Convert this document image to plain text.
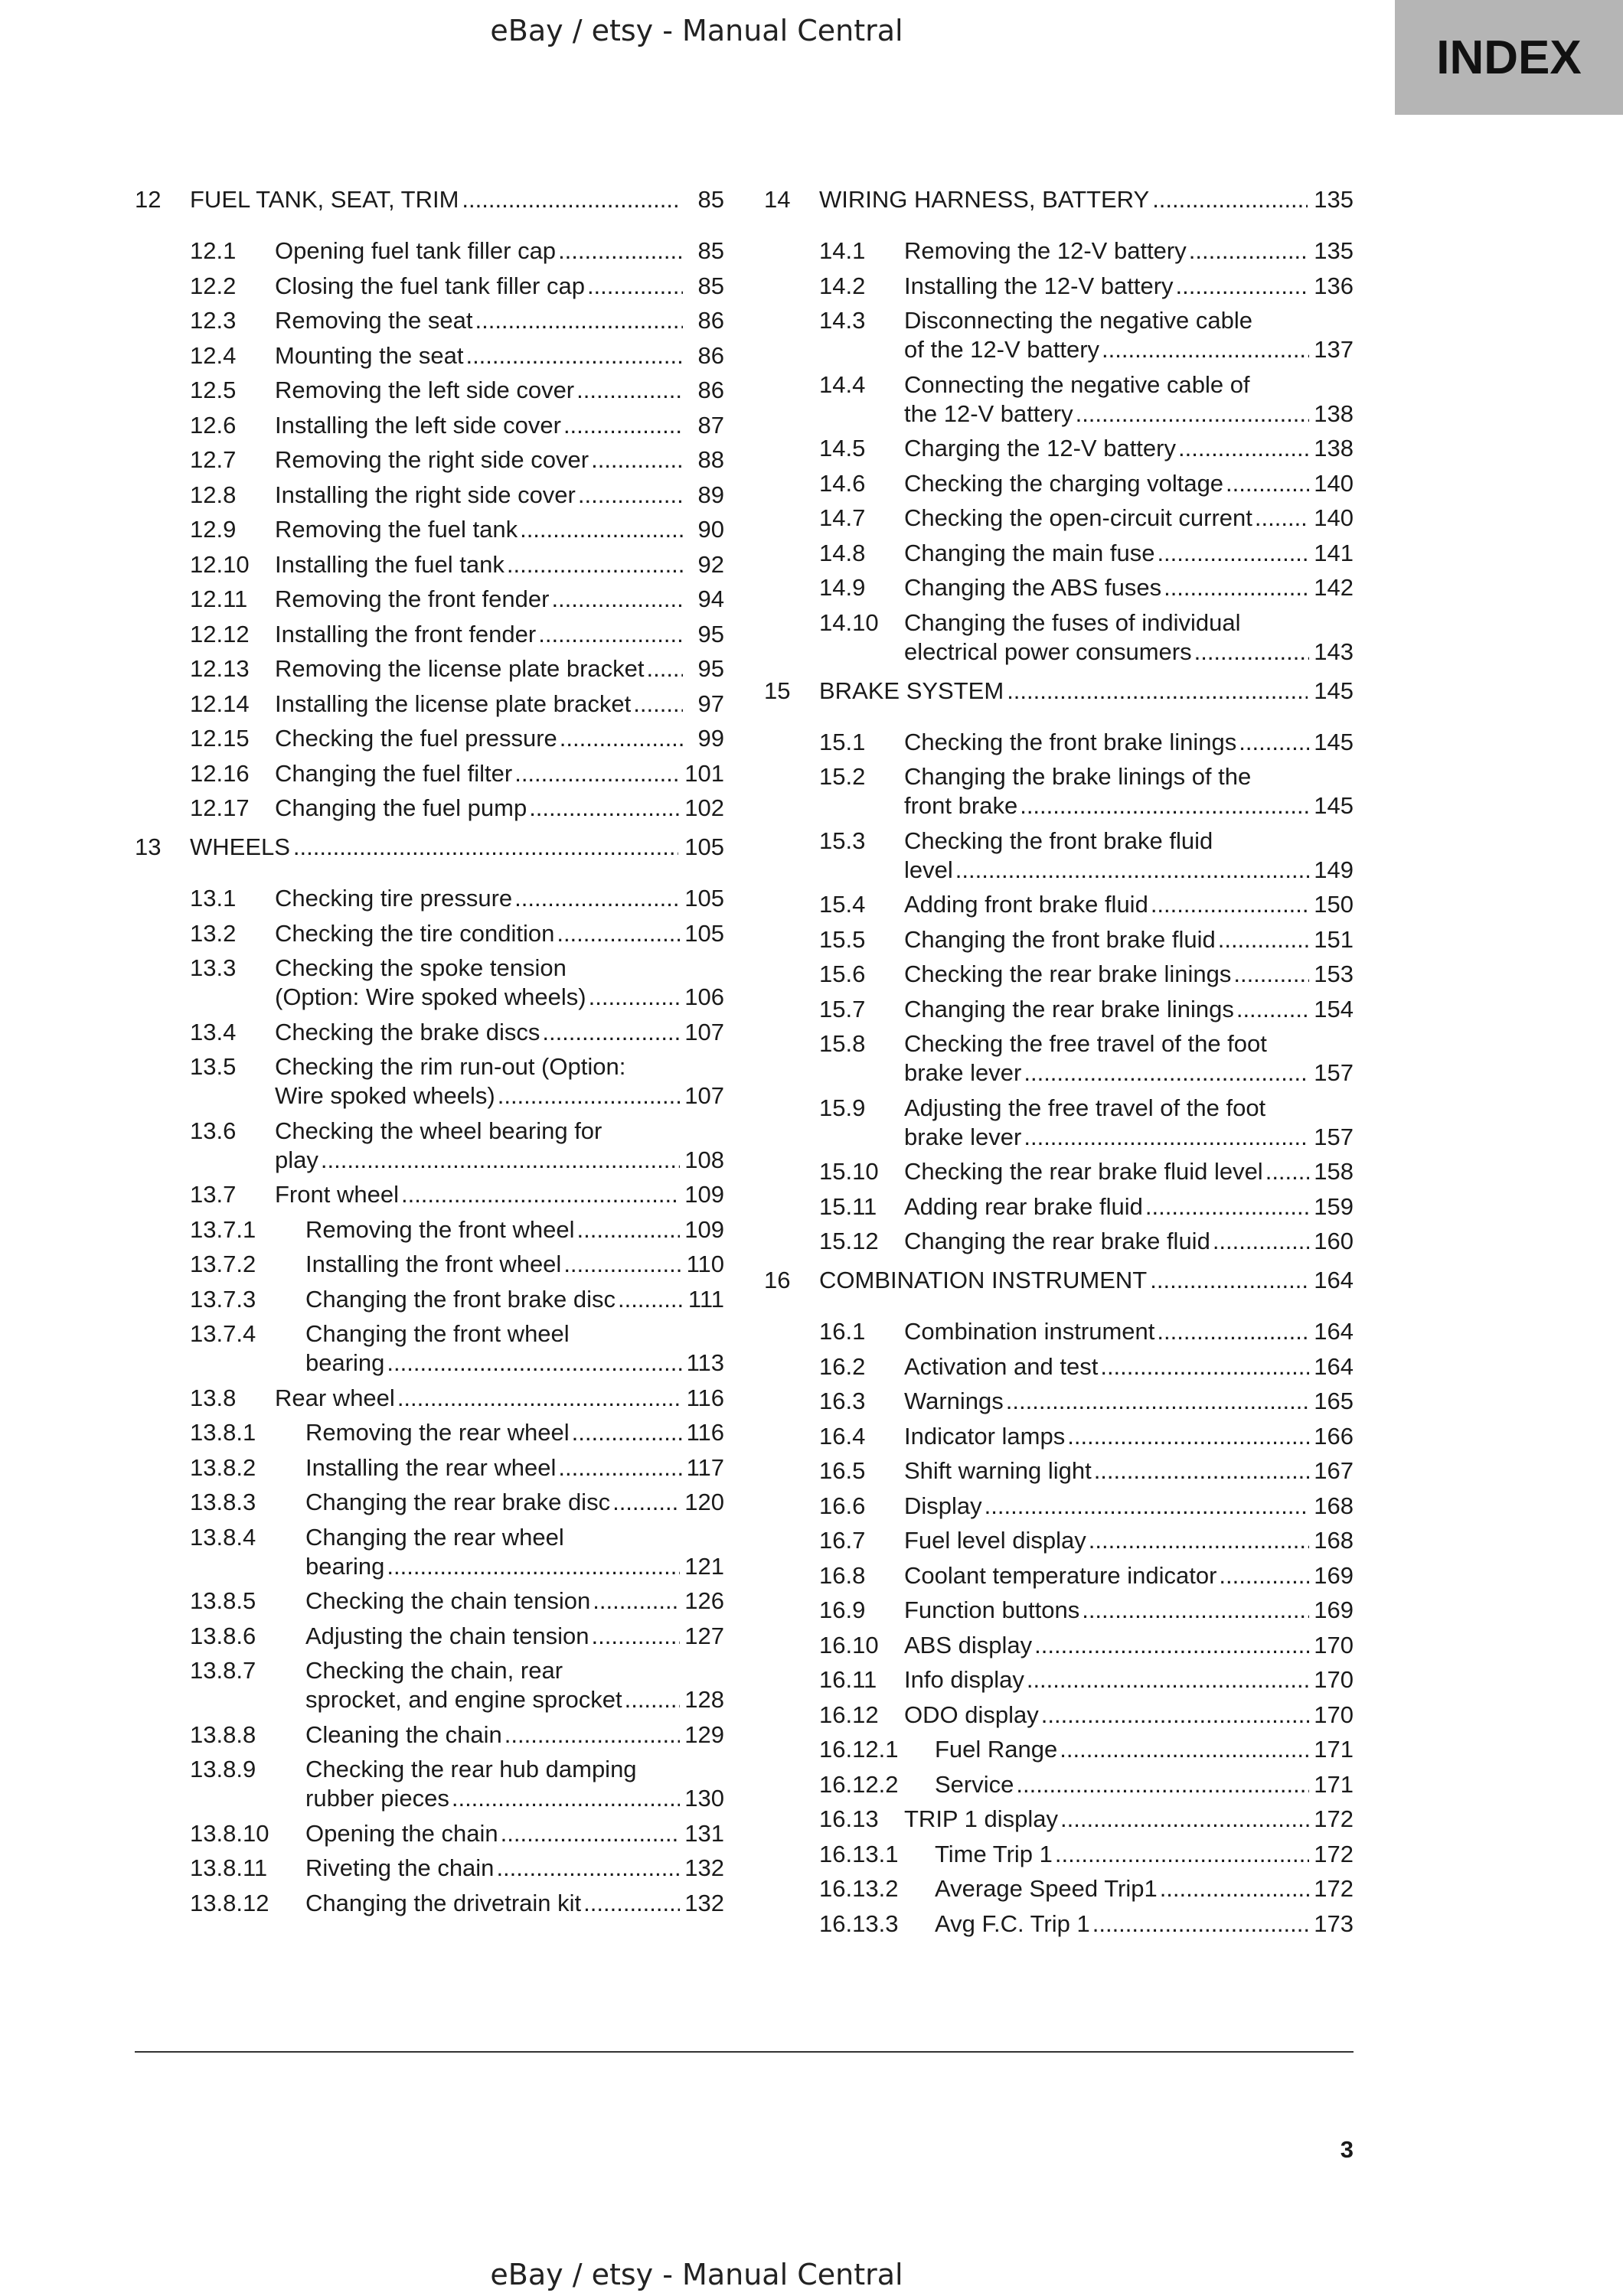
eBay / etsy - Manual Central
INDEX
12	FUEL TANK, SEAT, TRIM .....	85
12.1	Opening fuel tank filler cap .....	85
12.2	Closing the fuel tank filler cap .....	85
12.3	Removing the seat .....	86
12.4	Mounting the seat .....	86
12.5	Removing the left side cover .....	86
12.6	Installing the left side cover .....	87
12.7	Removing the right side cover .....	88
12.8	Installing the right side cover .....	89
12.9	Removing the fuel tank .....	90
12.10	Installing the fuel tank .....	92
12.11	Removing the front fender .....	94
12.12	Installing the front fender .....	95
12.13	Removing the license plate bracket .....	95
12.14	Installing the license plate bracket .....	97
12.15	Checking the fuel pressure .....	99
12.16	Changing the fuel filter .....	101
12.17	Changing the fuel pump .....	102
13	WHEELS .....	105
13.1	Checking tire pressure .....	105
13.2	Checking the tire condition .....	105
13.3	Checking the spoke tension
(Option: Wire spoked wheels) .....	106
13.4	Checking the brake discs .....	107
13.5	Checking the rim run-out (Option:
Wire spoked wheels) .....	107
13.6	Checking the wheel bearing for
play .....	108
13.7	Front wheel .....	109
13.7.1	Removing the front wheel .....	109
13.7.2	Installing the front wheel .....	110
13.7.3	Changing the front brake disc .....	111
13.7.4	Changing the front wheel
bearing .....	113
13.8	Rear wheel .....	116
13.8.1	Removing the rear wheel .....	116
13.8.2	Installing the rear wheel .....	117
13.8.3	Changing the rear brake disc .....	120
13.8.4	Changing the rear wheel
bearing .....	121
13.8.5	Checking the chain tension .....	126
13.8.6	Adjusting the chain tension .....	127
13.8.7	Checking the chain, rear
sprocket, and engine sprocket .....	128
13.8.8	Cleaning the chain .....	129
13.8.9	Checking the rear hub damping
rubber pieces .....	130
13.8.10	Opening the chain .....	131
13.8.11	Riveting the chain .....	132
13.8.12	Changing the drivetrain kit .....	132
14	WIRING HARNESS, BATTERY .....	135
14.1	Removing the 12-V battery .....	135
14.2	Installing the 12-V battery .....	136
14.3	Disconnecting the negative cable
of the 12-V battery .....	137
14.4	Connecting the negative cable of
the 12-V battery .....	138
14.5	Charging the 12-V battery .....	138
14.6	Checking the charging voltage .....	140
14.7	Checking the open-circuit current .....	140
14.8	Changing the main fuse .....	141
14.9	Changing the ABS fuses .....	142
14.10	Changing the fuses of individual
electrical power consumers .....	143
15	BRAKE SYSTEM .....	145
15.1	Checking the front brake linings .....	145
15.2	Changing the brake linings of the
front brake .....	145
15.3	Checking the front brake fluid
level .....	149
15.4	Adding front brake fluid .....	150
15.5	Changing the front brake fluid .....	151
15.6	Checking the rear brake linings .....	153
15.7	Changing the rear brake linings .....	154
15.8	Checking the free travel of the foot
brake lever .....	157
15.9	Adjusting the free travel of the foot
brake lever .....	157
15.10	Checking the rear brake fluid level ..... 158
15.11	Adding rear brake fluid .....	159
15.12	Changing the rear brake fluid .....	160
16	COMBINATION INSTRUMENT .....	164
16.1	Combination instrument .....	164
16.2	Activation and test .....	164
16.3	Warnings .....	165
16.4	Indicator lamps .....	166
16.5	Shift warning light .....	167
16.6	Display .....	168
16.7	Fuel level display .....	168
16.8	Coolant temperature indicator .....	169
16.9	Function buttons .....	169
16.10	ABS display .....	170
16.11	Info display .....	170
16.12	ODO display .....	170
16.12.1	Fuel Range .....	171
16.12.2	Service .....	171
16.13	TRIP 1 display .....	172
16.13.1	Time Trip 1 .....	172
16.13.2	Average Speed Trip1 .....	172
16.13.3	Avg F.C. Trip 1 .....	173
3
eBay / etsy - Manual Central
